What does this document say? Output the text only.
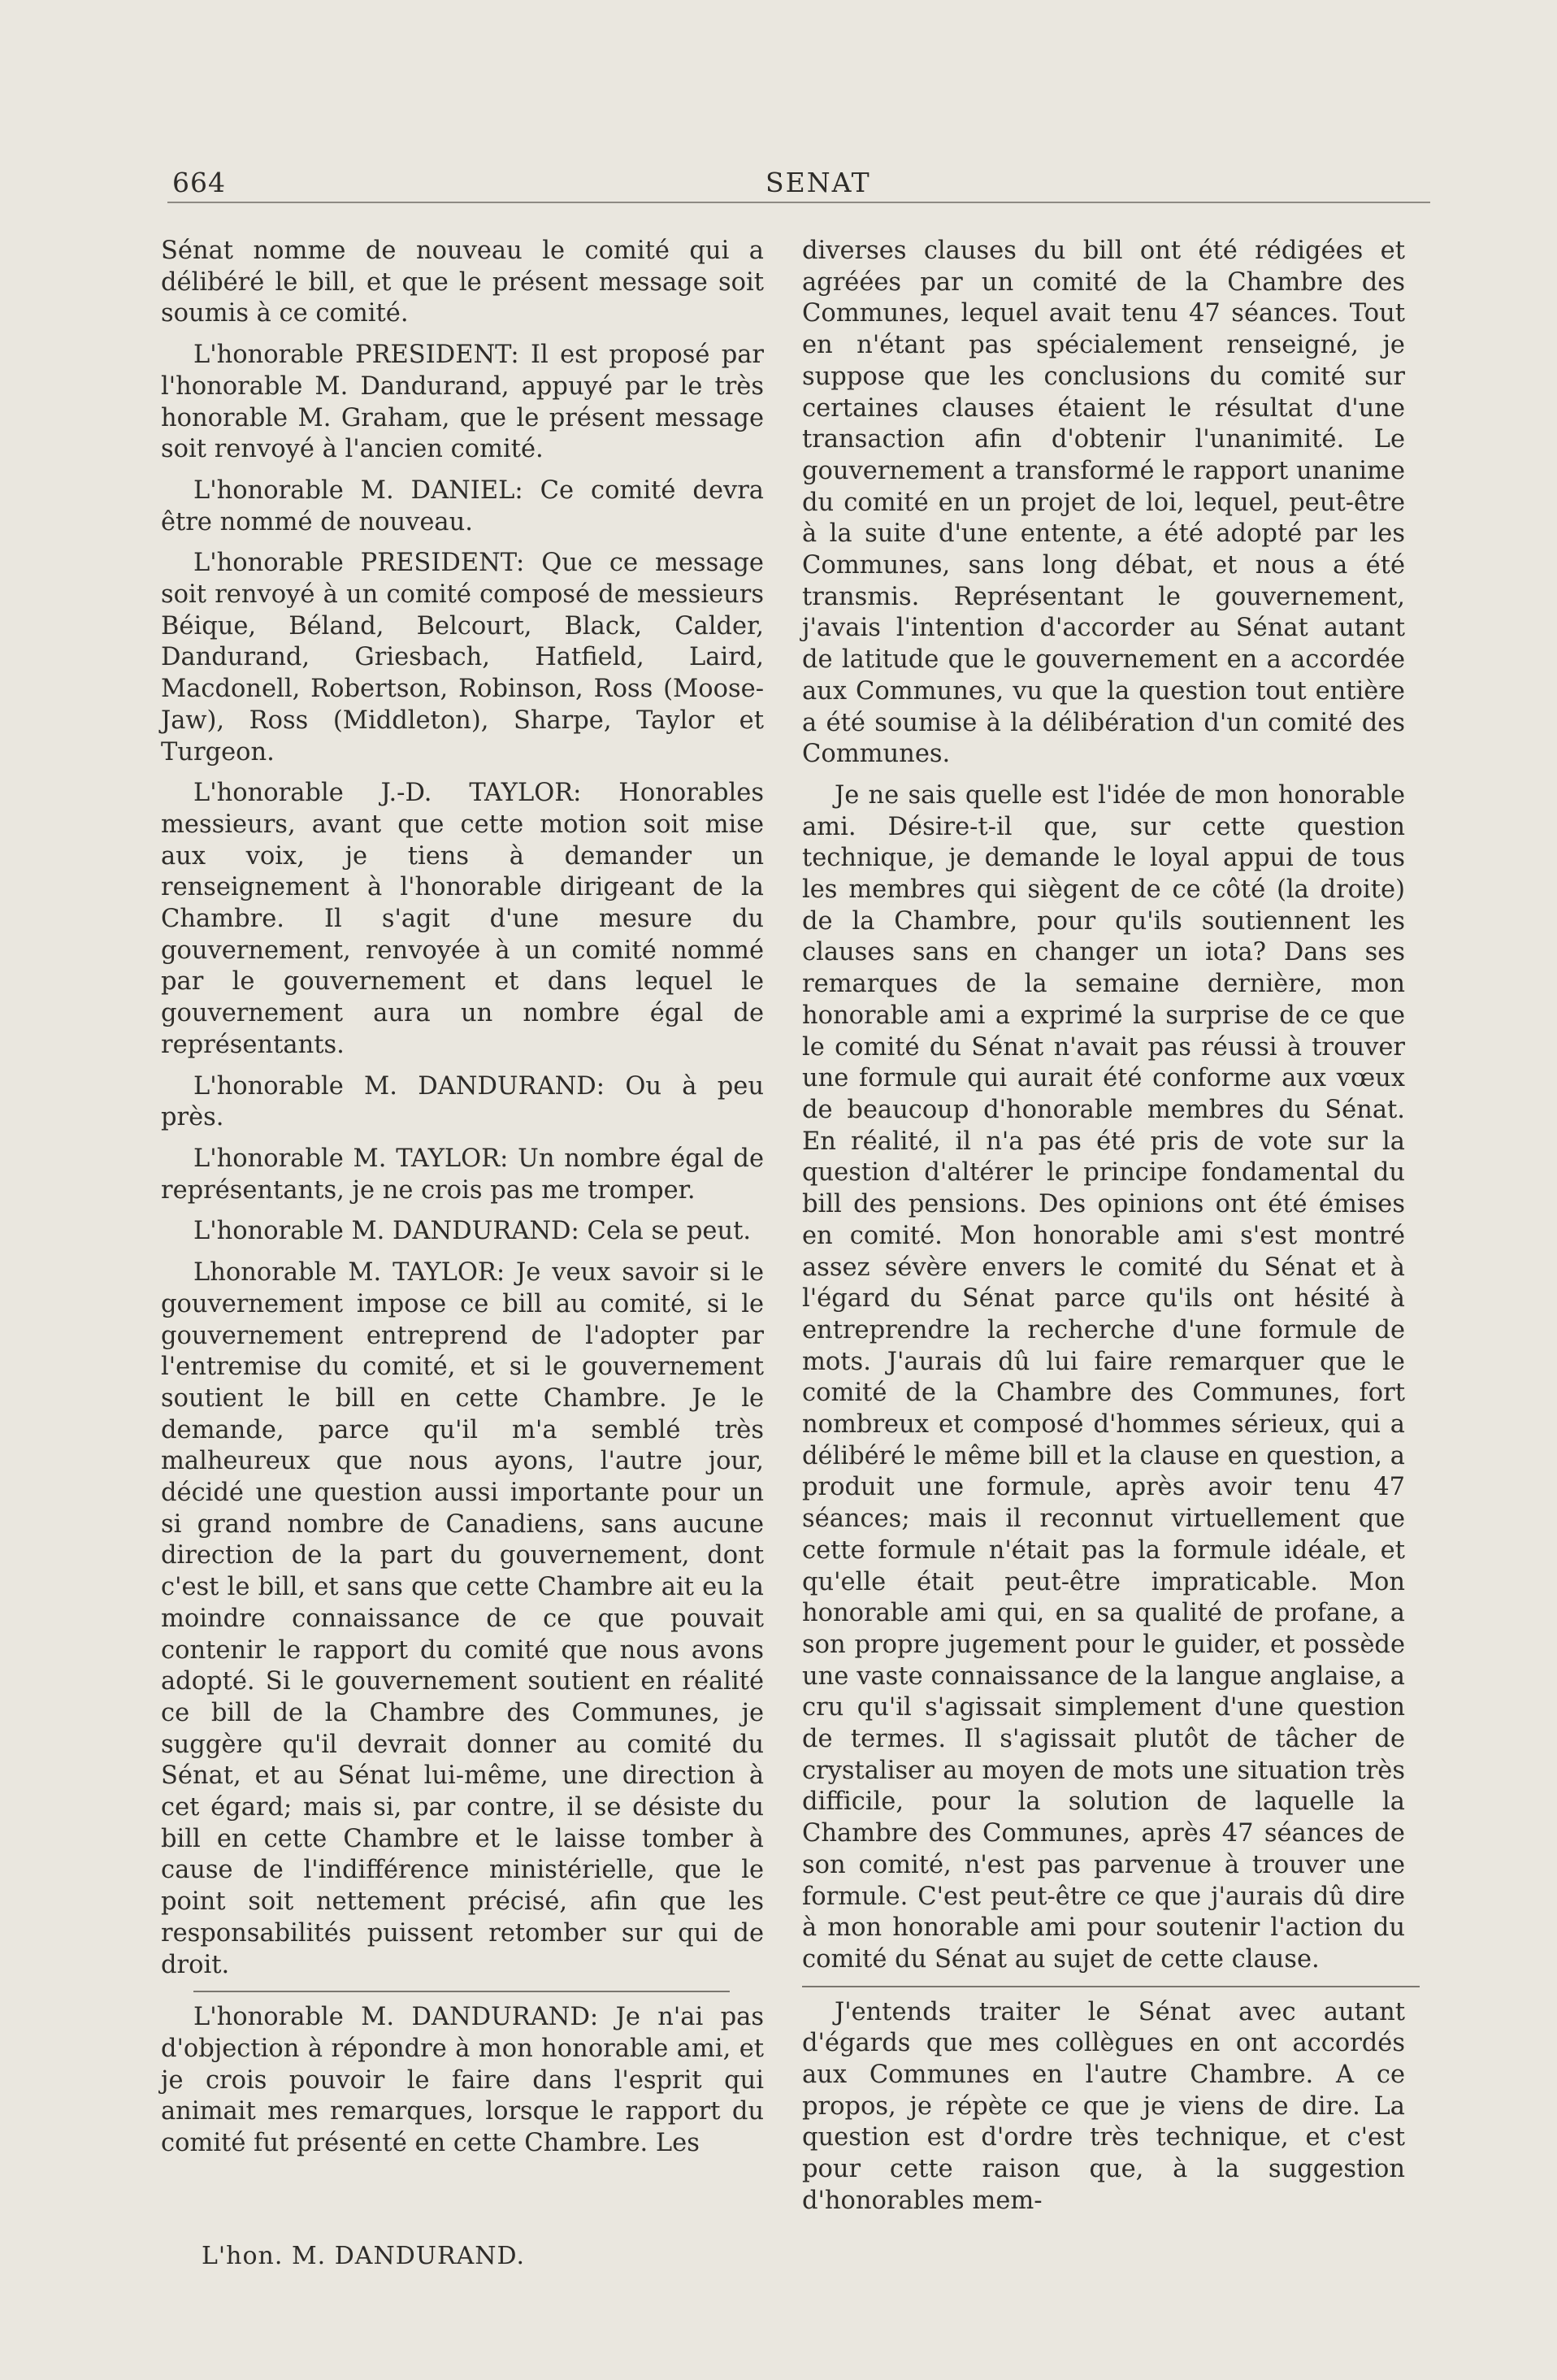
664	SENAT

Sénat nomme de nouveau le comité qui a délibéré le bill, et que le présent message soit soumis à ce comité.

L'honorable PRESIDENT: Il est proposé par l'honorable M. Dandurand, appuyé par le très honorable M. Graham, que le présent message soit renvoyé à l'ancien comité.

L'honorable M. DANIEL: Ce comité devra être nommé de nouveau.

L'honorable PRESIDENT: Que ce message soit renvoyé à un comité composé de messieurs Béique, Béland, Belcourt, Black, Calder, Dandurand, Griesbach, Hatfield, Laird, Macdonell, Robertson, Robinson, Ross (Moose-Jaw), Ross (Middleton), Sharpe, Taylor et Turgeon.

L'honorable J.-D. TAYLOR: Honorables messieurs, avant que cette motion soit mise aux voix, je tiens à demander un renseignement à l'honorable dirigeant de la Chambre. Il s'agit d'une mesure du gouvernement, renvoyée à un comité nommé par le gouvernement et dans lequel le gouvernement aura un nombre égal de représentants.

L'honorable M. DANDURAND: Ou à peu près.

L'honorable M. TAYLOR: Un nombre égal de représentants, je ne crois pas me tromper.

L'honorable M. DANDURAND: Cela se peut.

Lhonorable M. TAYLOR: Je veux savoir si le gouvernement impose ce bill au comité, si le gouvernement entreprend de l'adopter par l'entremise du comité, et si le gouvernement soutient le bill en cette Chambre. Je le demande, parce qu'il m'a semblé très malheureux que nous ayons, l'autre jour, décidé une question aussi importante pour un si grand nombre de Canadiens, sans aucune direction de la part du gouvernement, dont c'est le bill, et sans que cette Chambre ait eu la moindre connaissance de ce que pouvait contenir le rapport du comité que nous avons adopté. Si le gouvernement soutient en réalité ce bill de la Chambre des Communes, je suggère qu'il devrait donner au comité du Sénat, et au Sénat lui-même, une direction à cet égard; mais si, par contre, il se désiste du bill en cette Chambre et le laisse tomber à cause de l'indifférence ministérielle, que le point soit nettement précisé, afin que les responsabilités puissent retomber sur qui de droit.

L'honorable M. DANDURAND: Je n'ai pas d'objection à répondre à mon honorable ami, et je crois pouvoir le faire dans l'esprit qui animait mes remarques, lorsque le rapport du comité fut présenté en cette Chambre. Les

diverses clauses du bill ont été rédigées et agréées par un comité de la Chambre des Communes, lequel avait tenu 47 séances. Tout en n'étant pas spécialement renseigné, je suppose que les conclusions du comité sur certaines clauses étaient le résultat d'une transaction afin d'obtenir l'unanimité. Le gouvernement a transformé le rapport unanime du comité en un projet de loi, lequel, peut-être à la suite d'une entente, a été adopté par les Communes, sans long débat, et nous a été transmis. Représentant le gouvernement, j'avais l'intention d'accorder au Sénat autant de latitude que le gouvernement en a accordée aux Communes, vu que la question tout entière a été soumise à la délibération d'un comité des Communes.

Je ne sais quelle est l'idée de mon honorable ami. Désire-t-il que, sur cette question technique, je demande le loyal appui de tous les membres qui siègent de ce côté (la droite) de la Chambre, pour qu'ils soutiennent les clauses sans en changer un iota? Dans ses remarques de la semaine dernière, mon honorable ami a exprimé la surprise de ce que le comité du Sénat n'avait pas réussi à trouver une formule qui aurait été conforme aux vœux de beaucoup d'honorable membres du Sénat. En réalité, il n'a pas été pris de vote sur la question d'altérer le principe fondamental du bill des pensions. Des opinions ont été émises en comité. Mon honorable ami s'est montré assez sévère envers le comité du Sénat et à l'égard du Sénat parce qu'ils ont hésité à entreprendre la recherche d'une formule de mots. J'aurais dû lui faire remarquer que le comité de la Chambre des Communes, fort nombreux et composé d'hommes sérieux, qui a délibéré le même bill et la clause en question, a produit une formule, après avoir tenu 47 séances; mais il reconnut virtuellement que cette formule n'était pas la formule idéale, et qu'elle était peut-être impraticable. Mon honorable ami qui, en sa qualité de profane, a son propre jugement pour le guider, et possède une vaste connaissance de la langue anglaise, a cru qu'il s'agissait simplement d'une question de termes. Il s'agissait plutôt de tâcher de crystaliser au moyen de mots une situation très difficile, pour la solution de laquelle la Chambre des Communes, après 47 séances de son comité, n'est pas parvenue à trouver une formule. C'est peut-être ce que j'aurais dû dire à mon honorable ami pour soutenir l'action du comité du Sénat au sujet de cette clause.

J'entends traiter le Sénat avec autant d'égards que mes collègues en ont accordés aux Communes en l'autre Chambre. A ce propos, je répète ce que je viens de dire. La question est d'ordre très technique, et c'est pour cette raison que, à la suggestion d'honorables mem-

L'hon. M. DANDURAND.
